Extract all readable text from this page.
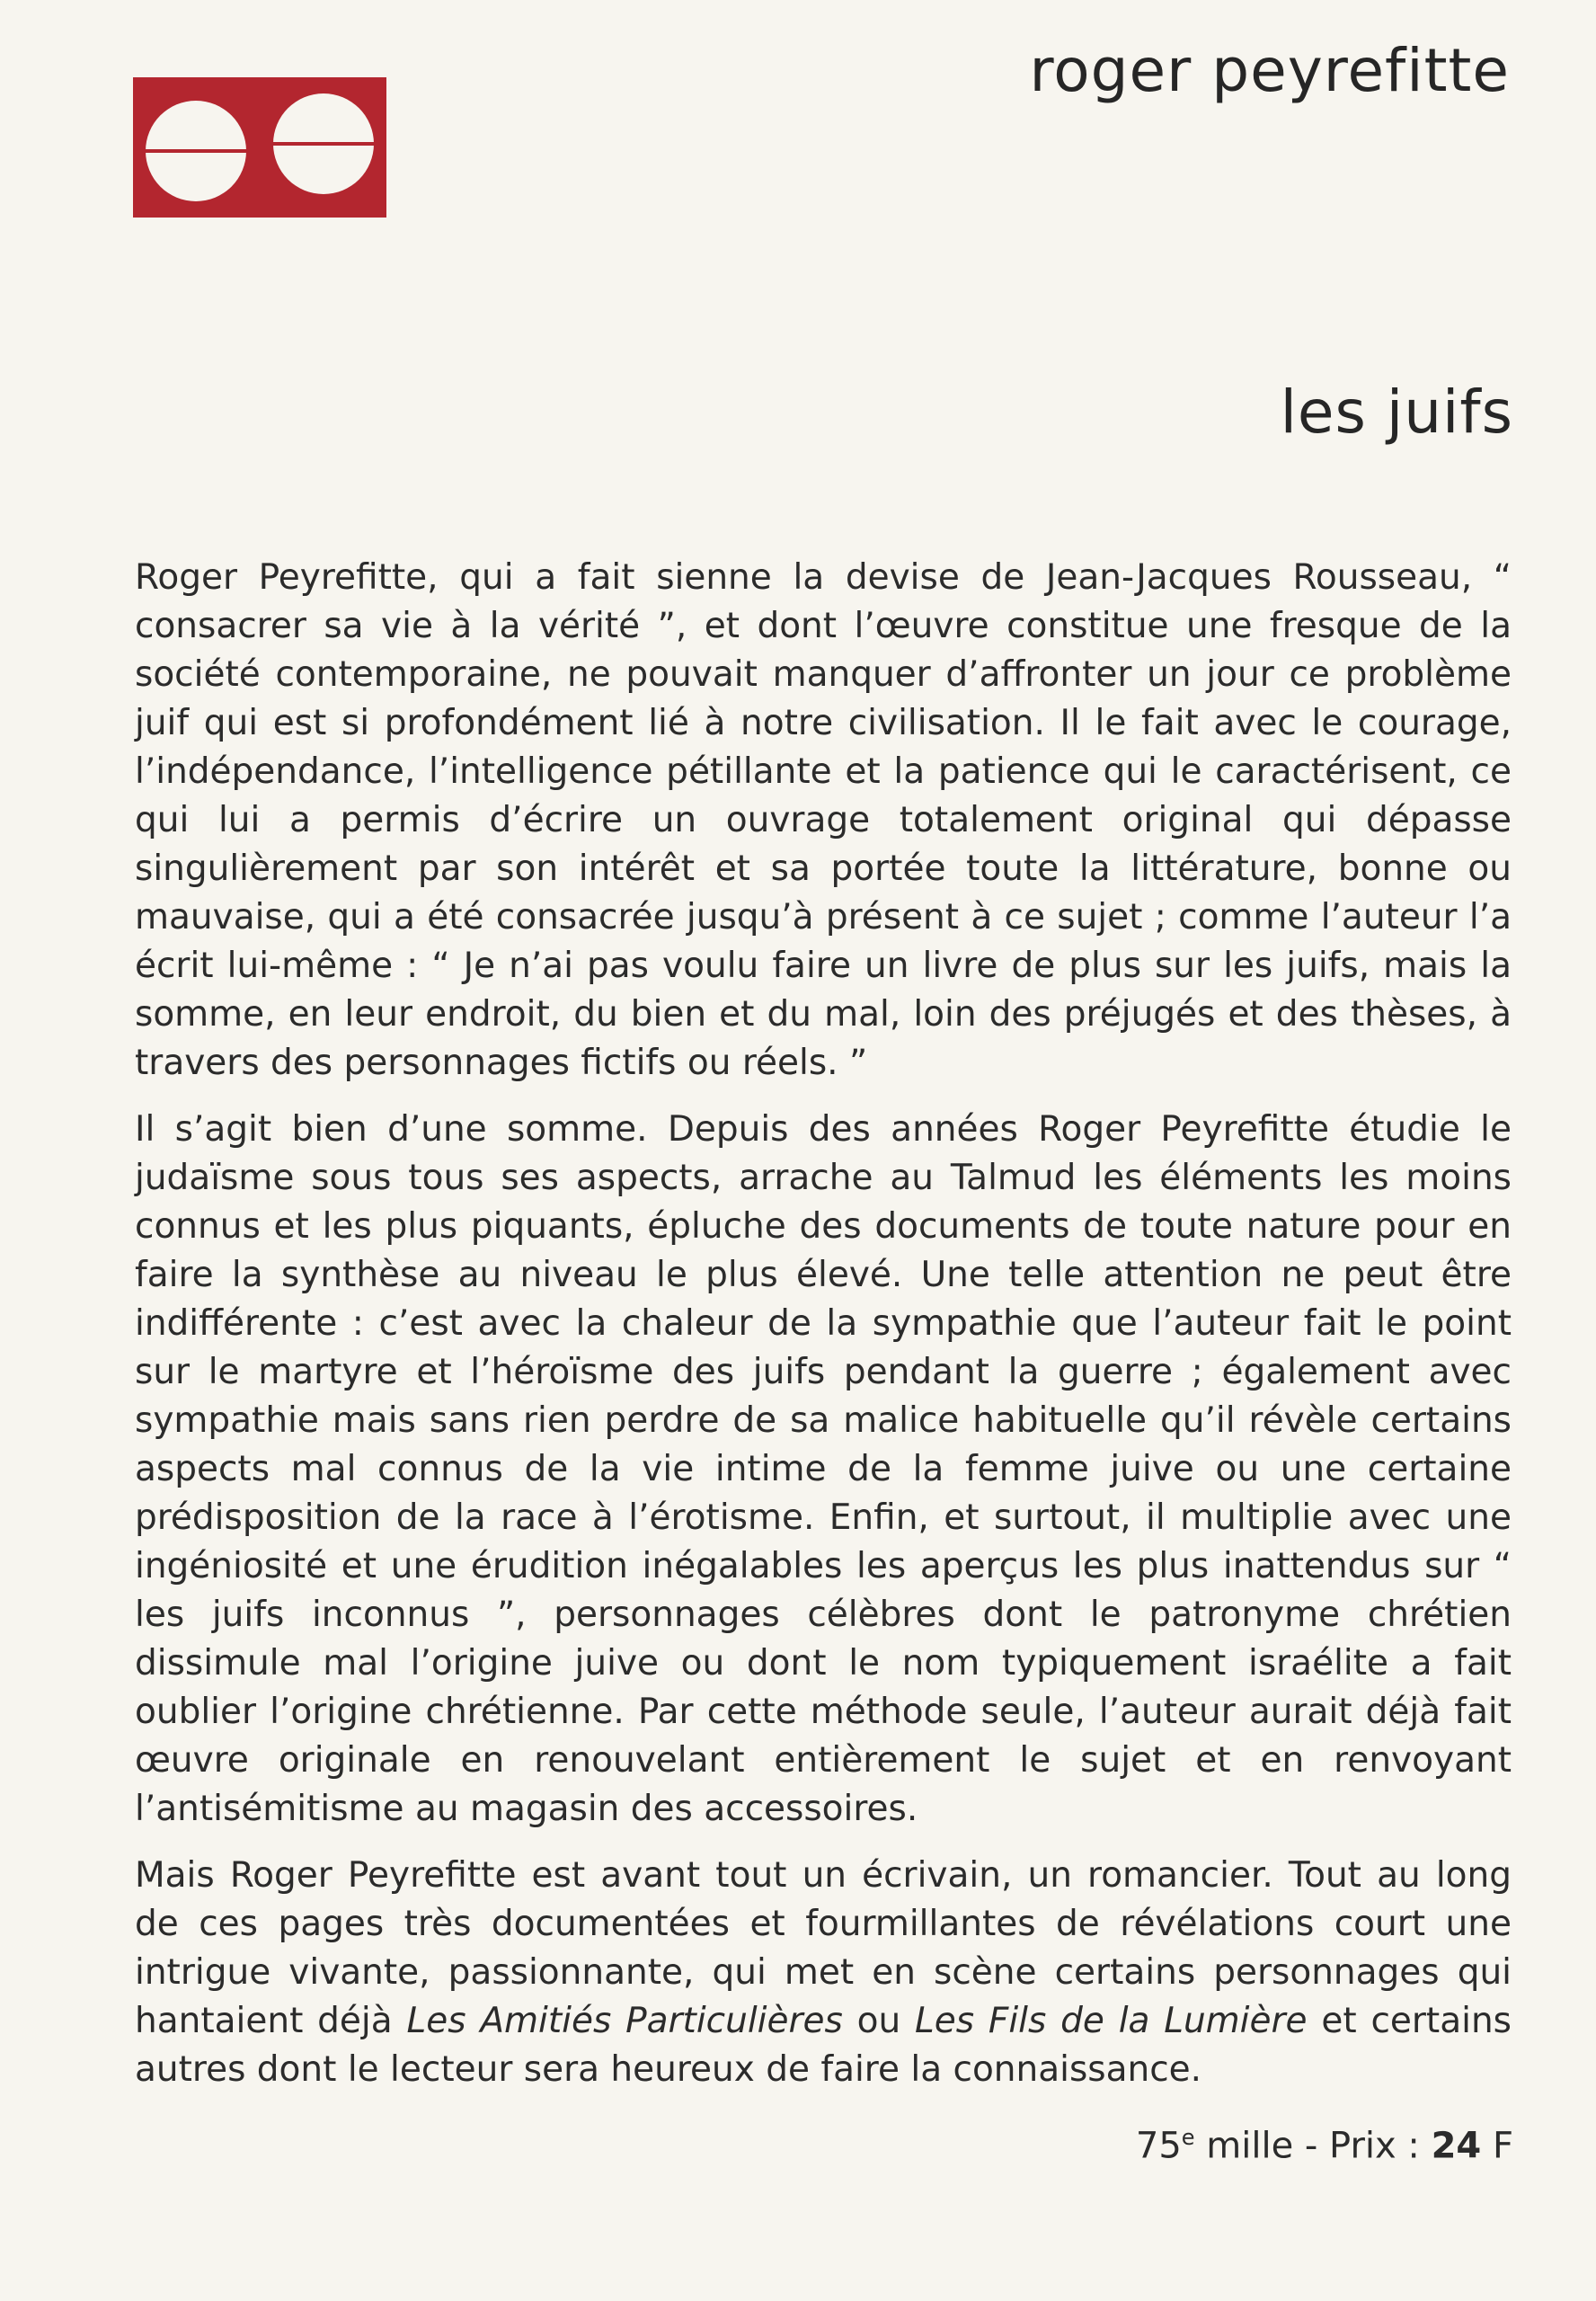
roger peyrefitte
les juifs

Roger Peyrefitte, qui a fait sienne la devise de Jean-Jacques Rousseau, “ consacrer sa vie à la vérité ”, et dont l’œuvre constitue une fresque de la société contemporaine, ne pouvait manquer d’affronter un jour ce problème juif qui est si profondément lié à notre civilisation. Il le fait avec le courage, l’indépendance, l’intelligence pétillante et la patience qui le caractérisent, ce qui lui a permis d’écrire un ouvrage totalement original qui dépasse singulièrement par son intérêt et sa portée toute la littérature, bonne ou mauvaise, qui a été consacrée jusqu’à présent à ce sujet ; comme l’auteur l’a écrit lui-même : “ Je n’ai pas voulu faire un livre de plus sur les juifs, mais la somme, en leur endroit, du bien et du mal, loin des préjugés et des thèses, à travers des personnages fictifs ou réels. ”

Il s’agit bien d’une somme. Depuis des années Roger Peyrefitte étudie le judaïsme sous tous ses aspects, arrache au Talmud les éléments les moins connus et les plus piquants, épluche des documents de toute nature pour en faire la synthèse au niveau le plus élevé. Une telle attention ne peut être indifférente : c’est avec la chaleur de la sympathie que l’auteur fait le point sur le martyre et l’héroïsme des juifs pendant la guerre ; également avec sympathie mais sans rien perdre de sa malice habituelle qu’il révèle certains aspects mal connus de la vie intime de la femme juive ou une certaine prédisposition de la race à l’érotisme. Enfin, et surtout, il multiplie avec une ingéniosité et une érudition inégalables les aperçus les plus inattendus sur “ les juifs inconnus ”, personnages célèbres dont le patronyme chrétien dissimule mal l’origine juive ou dont le nom typiquement israélite a fait oublier l’origine chrétienne. Par cette méthode seule, l’auteur aurait déjà fait œuvre originale en renouvelant entièrement le sujet et en renvoyant l’antisémitisme au magasin des accessoires.

Mais Roger Peyrefitte est avant tout un écrivain, un romancier. Tout au long de ces pages très documentées et fourmillantes de révélations court une intrigue vivante, passionnante, qui met en scène certains personnages qui hantaient déjà Les Amitiés Particulières ou Les Fils de la Lumière et certains autres dont le lecteur sera heureux de faire la connaissance.

75e mille - Prix : 24 F
